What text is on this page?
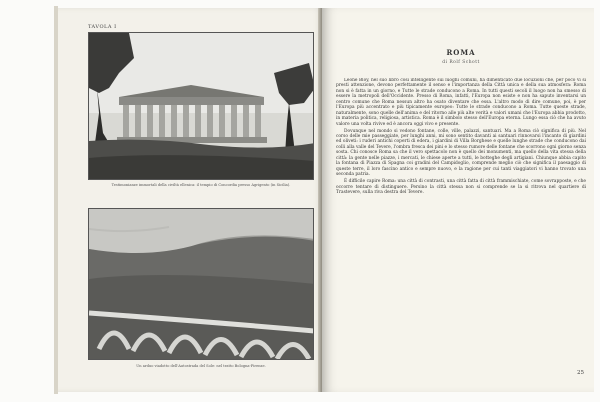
TAVOLA I
Testimonianze immortali della civiltà ellenica: il tempio di Concordia presso Agrigento (in Sicilia).
Un arduo viadotto dell'Autostrada del Sole: nel tratto Bologna-Firenze.
ROMA
di Rolf Schott

Leone Bloy, nel suo libro così intelligente sui luoghi comuni, ha dimenticato due locuzioni che, per poco vi si presti attenzione, devono perfettamente il senso e l'importanza della Città unica e della sua atmosfera: Roma non si è fatta in un giorno, e Tutte le strade conducono a Roma. In tutti questi secoli il luogo non ha smesso di essere la metropoli dell'Occidente. Presso di Roma, infatti, l'Europa non esiste e non ha saputo inventarsi un centro comune che Roma nessun altro ha osato diventare che essa. L'altro modo di dire comune, poi, è per l'Europa più accentrato e più tipicamente europeo: Tutte le strade conducono a Roma. Tutte queste strade, naturalmente, sono quelle dell'anima e del ritorno alle più alte verità e valori umani che l'Europa abbia prodotto, in materia politica, religiosa, artistica. Roma è il simbolo stesso dell'Europa eterna. Lungo essa ciò che ha avuto valore una volta rivive ed è ancora oggi vivo e presente.

Dovunque nel mondo si vedono fontane, colle, ville, palazzi, santuari. Ma a Roma ciò significa di più. Nel corso delle mie passeggiate, per lunghi anni, mi sono sentito davanti ai santuari rinnovarsi l'incanto di giardini ed oliveti: i ruderi antichi coperti di edera, i giardini di Villa Borghese e quelle lunghe strade che conducono dai colli alla valle del Tevere, l'ombra fresca dei pini e lo stesso rumore delle fontane che scorrono ogni giorno senza sosta. Chi conosce Roma sa che il vero spettacolo non è quello dei monumenti, ma quello della vita stessa della città: la gente nelle piazze, i mercati, le chiese aperte a tutti, le botteghe degli artigiani. Chiunque abbia capito la fontana di Piazza di Spagna coi gradini del Campidoglio, comprende meglio ciò che significa il paesaggio di queste terre, il loro fascino antico e sempre nuovo, e la ragione per cui tanti viaggiatori vi hanno trovato una seconda patria.

È difficile capire Roma: una città di contrasti, una città fatta di città frammischiate, come sovrapposte, e che occorre tentare di distinguere. Persino la città stessa non si comprende se la si ritrova nel quartiere di Trastevere, sulla riva destra del Tevere.

25
